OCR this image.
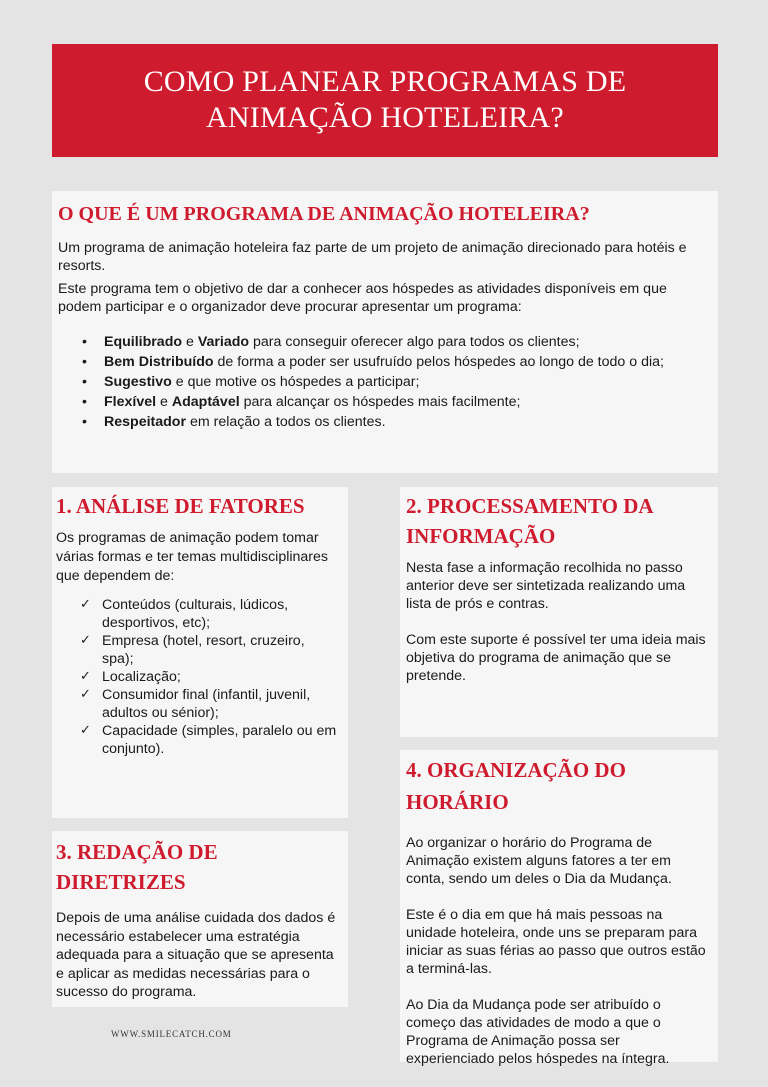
COMO PLANEAR PROGRAMAS DE
ANIMAÇÃO HOTELEIRA?
O QUE É UM PROGRAMA DE ANIMAÇÃO HOTELEIRA?
Um programa de animação hoteleira faz parte de um projeto de animação direcionado para hotéis e resorts.
Este programa tem o objetivo de dar a conhecer aos hóspedes as atividades disponíveis em que podem participar e o organizador deve procurar apresentar um programa:
• Equilibrado e Variado para conseguir oferecer algo para todos os clientes;
• Bem Distribuído de forma a poder ser usufruído pelos hóspedes ao longo de todo o dia;
• Sugestivo e que motive os hóspedes a participar;
• Flexível e Adaptável para alcançar os hóspedes mais facilmente;
• Respeitador em relação a todos os clientes.
1. ANÁLISE DE FATORES
Os programas de animação podem tomar várias formas e ter temas multidisciplinares que dependem de:
✓ Conteúdos (culturais, lúdicos, desportivos, etc);
✓ Empresa (hotel, resort, cruzeiro, spa);
✓ Localização;
✓ Consumidor final (infantil, juvenil, adultos ou sénior);
✓ Capacidade (simples, paralelo ou em conjunto).
2. PROCESSAMENTO DA INFORMAÇÃO
Nesta fase a informação recolhida no passo anterior deve ser sintetizada realizando uma lista de prós e contras.
Com este suporte é possível ter uma ideia mais objetiva do programa de animação que se pretende.
3. REDAÇÃO DE DIRETRIZES
Depois de uma análise cuidada dos dados é necessário estabelecer uma estratégia adequada para a situação que se apresenta e aplicar as medidas necessárias para o sucesso do programa.
4. ORGANIZAÇÃO DO HORÁRIO
Ao organizar o horário do Programa de Animação existem alguns fatores a ter em conta, sendo um deles o Dia da Mudança.
Este é o dia em que há mais pessoas na unidade hoteleira, onde uns se preparam para iniciar as suas férias ao passo que outros estão a terminá-las.
Ao Dia da Mudança pode ser atribuído o começo das atividades de modo a que o Programa de Animação possa ser experienciado pelos hóspedes na íntegra.
WWW.SMILECATCH.COM
